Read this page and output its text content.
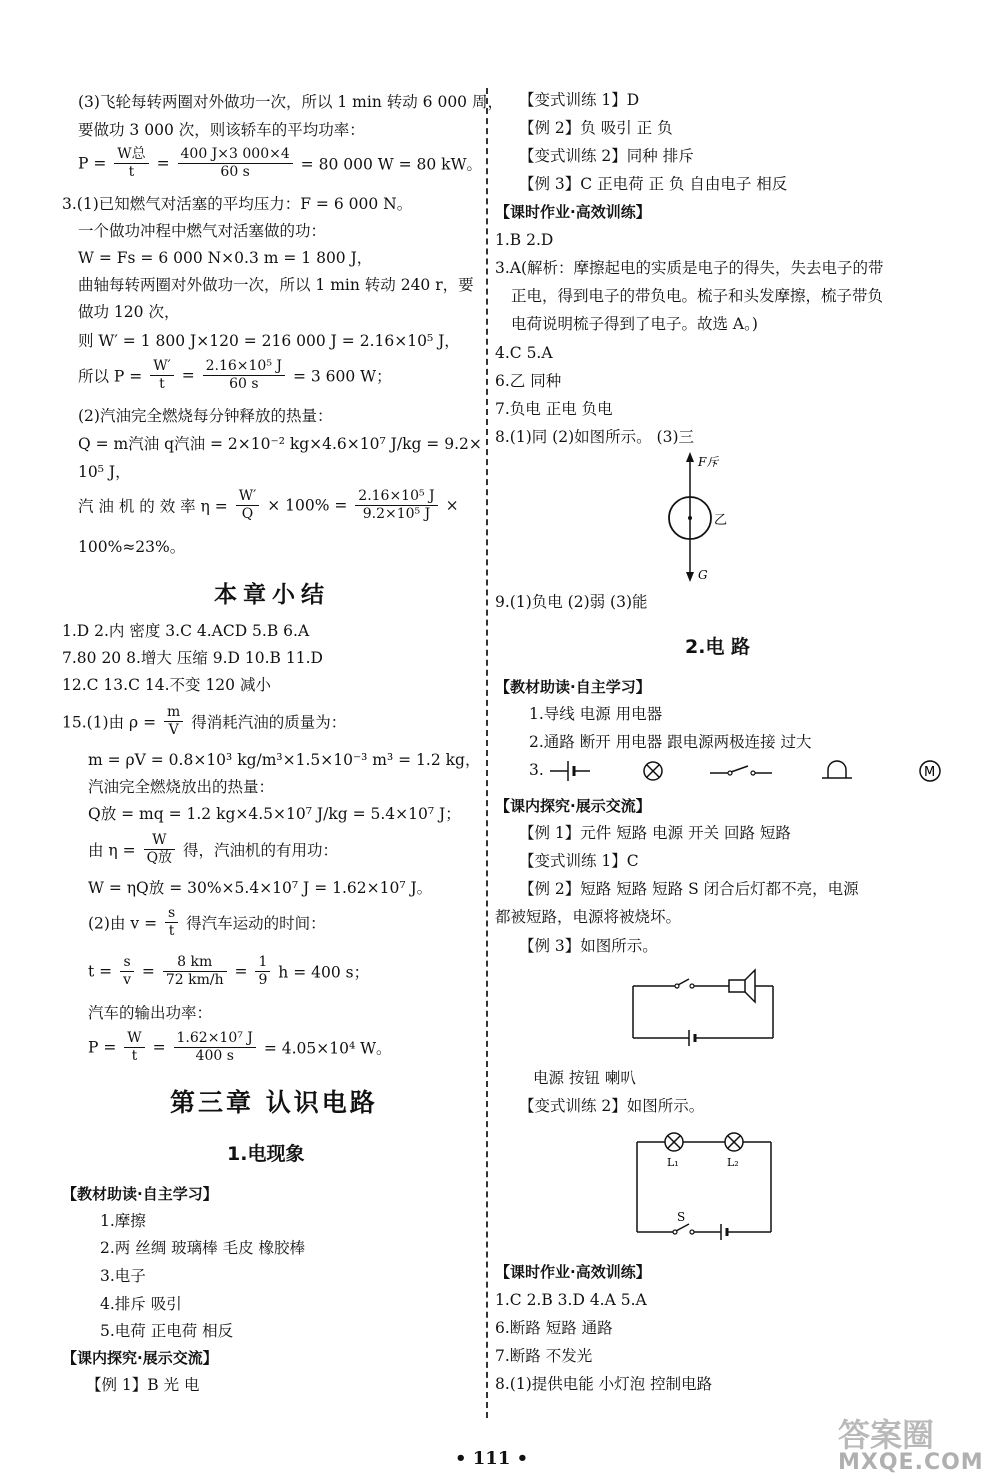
(3)飞轮每转两圈对外做功一次，所以 1 min 转动 6 000 周，
要做功 3 000 次，则该轿车的平均功率：
$P = \frac{\text{W总}}{t} = \frac{400 J\times 3 000\times 4}{60 s} = 80$ 000 W = 80 kW。
3.(1)已知燃气对活塞的平均压力：F = 6 000 N。
一个做功冲程中燃气对活塞做的功：
W = Fs = 6 000 N×0.3 m = 1 800 J，
曲轴每转两圈对外做功一次，所以 1 min 转动 240 r，要
做功 120 次，
则 W′ = 1 800 J×120 = 216 000 J = 2.16×10⁵ J，
所以 $P = \frac{W'}{t} = \frac{\text{2.16×10⁵ J}}{60 s} = 3$ 600 W；
(2)汽油完全燃烧每分钟释放的热量：
Q = m汽油 q汽油 = 2×10⁻² kg×4.6×10⁷ J/kg = 9.2×
10⁵ J，
汽 油 机 的 效 率 $\eta = \frac{W'}{Q} \times 100\% = \frac{\text{2.16×10⁵ J}}{\text{9.2×10⁵ J}}$ ×
100%≈23%。
本章小结
1.D 2.内 密度 3.C 4.ACD 5.B 6.A
7.80 20 8.增大 压缩 9.D 10.B 11.D
12.C 13.C 14.不变 120 减小
15.(1)由 $\rho = \frac{m}{V}$ 得消耗汽油的质量为：
m = ρV = 0.8×10³ kg/m³×1.5×10⁻³ m³ = 1.2 kg，
汽油完全燃烧放出的热量：
Q放 = mq = 1.2 kg×4.5×10⁷ J/kg = 5.4×10⁷ J；
由 $\eta = \frac{W}{\text{Q放}}$ 得，汽油机的有用功：
W = ηQ放 = 30%×5.4×10⁷ J = 1.62×10⁷ J。
(2)由 $v = \frac{s}{t}$ 得汽车运动的时间：
$t = \frac{s}{v} = \frac{8 km}{72 km/h} = \frac{1}{9}$ h = 400 s；
汽车的输出功率：
$P = \frac{W}{t} = \frac{\text{1.62×10⁷ J}}{400 s} = 4.05\times 10^4$ W。
第三章 认识电路
1.电现象
【教材助读·自主学习】
1.摩擦
2.两 丝绸 玻璃棒 毛皮 橡胶棒
3.电子
4.排斥 吸引
5.电荷 正电荷 相反
【课内探究·展示交流】
【例 1】B 光 电
【变式训练 1】D
【例 2】负 吸引 正 负
【变式训练 2】同种 排斥
【例 3】C 正电荷 正 负 自由电子 相反
【课时作业·高效训练】
1.B 2.D
3.A(解析：摩擦起电的实质是电子的得失，失去电子的带
正电，得到电子的带负电。梳子和头发摩擦，梳子带负
电荷说明梳子得到了电子。故选 A。)
4.C 5.A
6.乙 同种
7.负电 正电 负电
8.(1)同 (2)如图所示。 (3)三
F斥
乙
G
9.(1)负电 (2)弱 (3)能
2.电 路
【教材助读·自主学习】
1.导线 电源 用电器
2.通路 断开 用电器 跟电源两极连接 过大
3.	M
【课内探究·展示交流】
【例 1】元件 短路 电源 开关 回路 短路
【变式训练 1】C
【例 2】短路 短路 短路 S 闭合后灯都不亮，电源
都被短路，电源将被烧坏。
【例 3】如图所示。
电源 按钮 喇叭
【变式训练 2】如图所示。
L₁	L₂
S
【课时作业·高效训练】
1.C 2.B 3.D 4.A 5.A
6.断路 短路 通路
7.断路 不发光
8.(1)提供电能 小灯泡 控制电路
• 111 •
答案圈
MXQE.COM
